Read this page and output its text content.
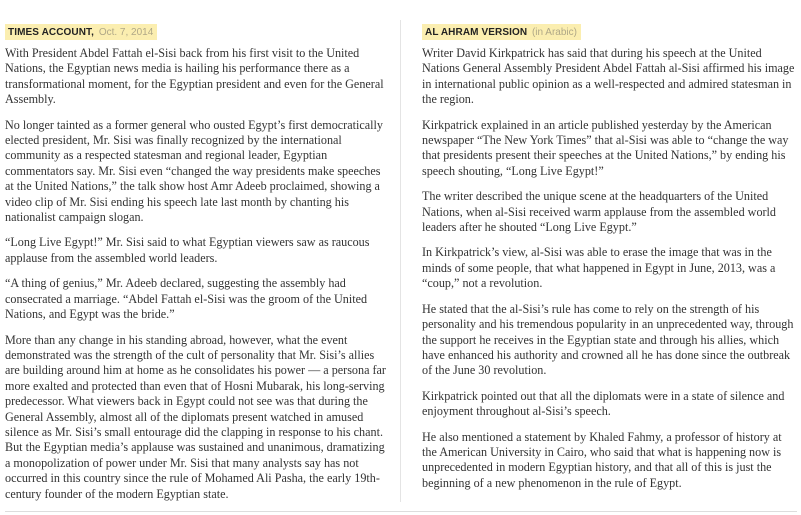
TIMES ACCOUNT, Oct. 7, 2014

With President Abdel Fattah el-Sisi back from his first visit to the United Nations, the Egyptian news media is hailing his performance there as a transformational moment, for the Egyptian president and even for the General Assembly.

No longer tainted as a former general who ousted Egypt’s first democratically elected president, Mr. Sisi was finally recognized by the international community as a respected statesman and regional leader, Egyptian commentators say. Mr. Sisi even “changed the way presidents make speeches at the United Nations,” the talk show host Amr Adeeb proclaimed, showing a video clip of Mr. Sisi ending his speech late last month by chanting his nationalist campaign slogan.

“Long Live Egypt!” Mr. Sisi said to what Egyptian viewers saw as raucous applause from the assembled world leaders.

“A thing of genius,” Mr. Adeeb declared, suggesting the assembly had consecrated a marriage. “Abdel Fattah el-Sisi was the groom of the United Nations, and Egypt was the bride.”

More than any change in his standing abroad, however, what the event demonstrated was the strength of the cult of personality that Mr. Sisi’s allies are building around him at home as he consolidates his power — a persona far more exalted and protected than even that of Hosni Mubarak, his long-serving predecessor. What viewers back in Egypt could not see was that during the General Assembly, almost all of the diplomats present watched in amused silence as Mr. Sisi’s small entourage did the clapping in response to his chant. But the Egyptian media’s applause was sustained and unanimous, dramatizing a monopolization of power under Mr. Sisi that many analysts say has not occurred in this country since the rule of Mohamed Ali Pasha, the early 19th-century founder of the modern Egyptian state.

AL AHRAM VERSION (in Arabic)

Writer David Kirkpatrick has said that during his speech at the United Nations General Assembly President Abdel Fattah al-Sisi affirmed his image in international public opinion as a well-respected and admired statesman in the region.

Kirkpatrick explained in an article published yesterday by the American newspaper “The New York Times” that al-Sisi was able to “change the way that presidents present their speeches at the United Nations,” by ending his speech shouting, “Long Live Egypt!”

The writer described the unique scene at the headquarters of the United Nations, when al-Sisi received warm applause from the assembled world leaders after he shouted “Long Live Egypt.”

In Kirkpatrick’s view, al-Sisi was able to erase the image that was in the minds of some people, that what happened in Egypt in June, 2013, was a “coup,” not a revolution.

He stated that the al-Sisi’s rule has come to rely on the strength of his personality and his tremendous popularity in an unprecedented way, through the support he receives in the Egyptian state and through his allies, which have enhanced his authority and crowned all he has done since the outbreak of the June 30 revolution.

Kirkpatrick pointed out that all the diplomats were in a state of silence and enjoyment throughout al-Sisi’s speech.

He also mentioned a statement by Khaled Fahmy, a professor of history at the American University in Cairo, who said that what is happening now is unprecedented in modern Egyptian history, and that all of this is just the beginning of a new phenomenon in the rule of Egypt.
